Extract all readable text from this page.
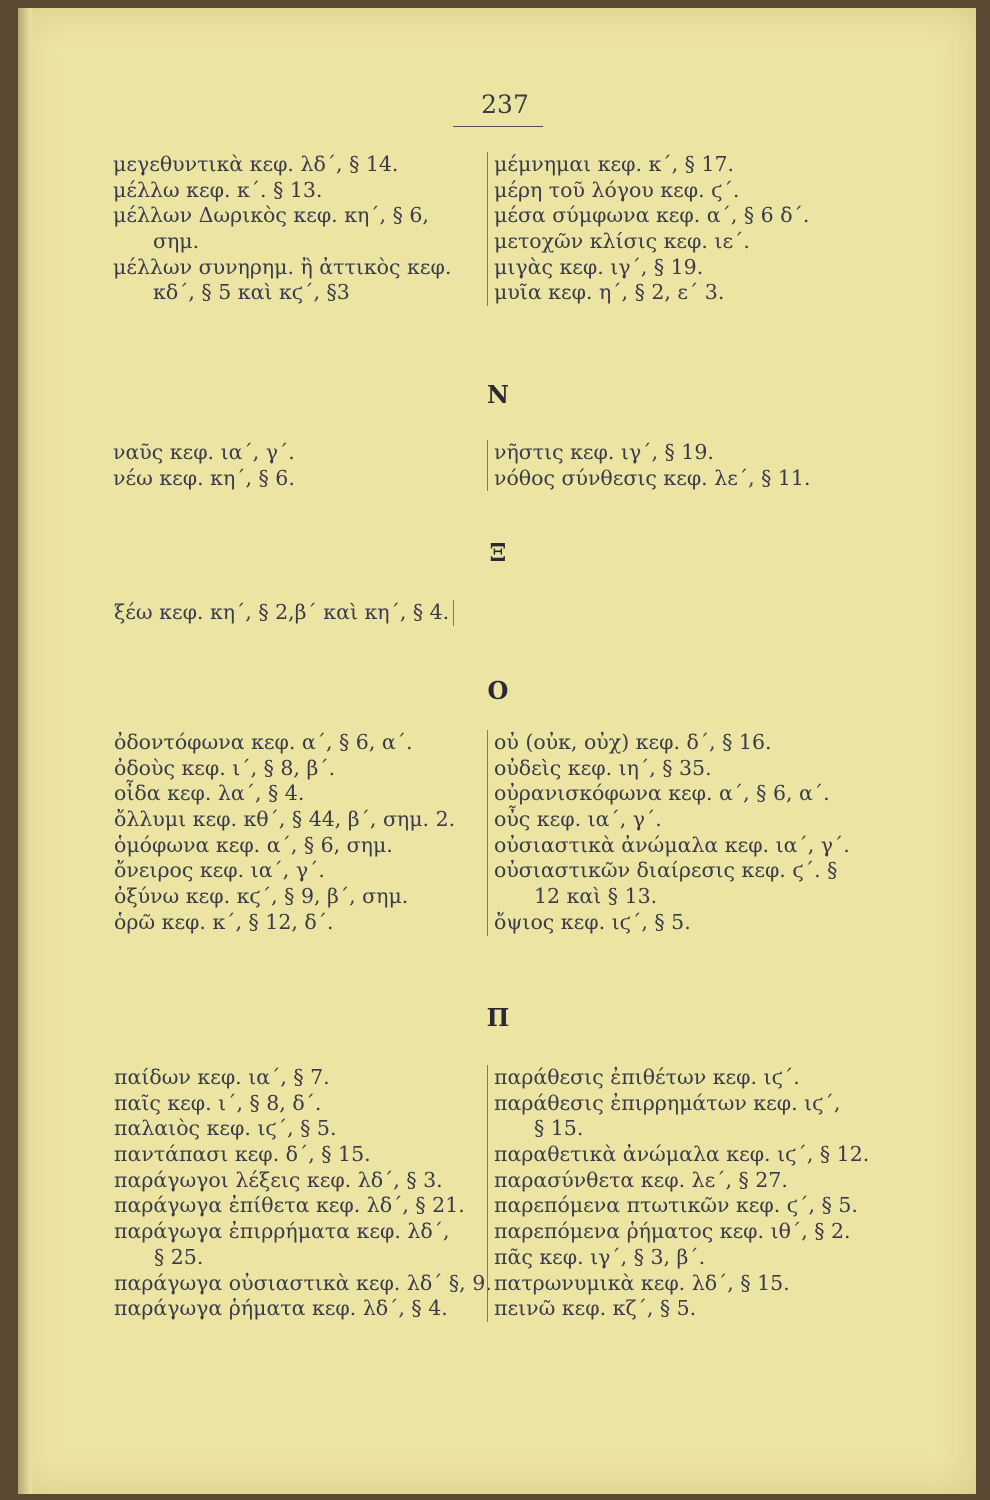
237
μεγεθυντικὰ κεφ. λδ΄, § 14.
μέλλω κεφ. κ΄. § 13.
μέλλων Δωρικὸς κεφ. κη΄, § 6,
σημ.
μέλλων συνηρημ. ἢ ἀττικὸς κεφ.
κδ΄, § 5 καὶ κϛ΄, §3
μέμνημαι κεφ. κ΄, § 17.
μέρη τοῦ λόγου κεφ. ϛ΄.
μέσα σύμφωνα κεφ. α΄, § 6 δ΄.
μετοχῶν κλίσις κεφ. ιε΄.
μιγὰς κεφ. ιγ΄, § 19.
μυῖα κεφ. η΄, § 2, ε΄ 3.
N
ναῦς κεφ. ια΄, γ΄.
νέω κεφ. κη΄, § 6.
νῆστις κεφ. ιγ΄, § 19.
νόθος σύνθεσις κεφ. λε΄, § 11.
Ξ
ξέω κεφ. κη΄, § 2,β΄ καὶ κη΄, § 4.
O
ὀδοντόφωνα κεφ. α΄, § 6, α΄.
ὀδοὺς κεφ. ι΄, § 8, β΄.
οἶδα κεφ. λα΄, § 4.
ὄλλυμι κεφ. κθ΄, § 44, β΄, σημ. 2.
ὁμόφωνα κεφ. α΄, § 6, σημ.
ὄνειρος κεφ. ια΄, γ΄.
ὀξύνω κεφ. κϛ΄, § 9, β΄, σημ.
ὁρῶ κεφ. κ΄, § 12, δ΄.
οὐ (οὐκ, οὐχ) κεφ. δ΄, § 16.
οὐδεὶς κεφ. ιη΄, § 35.
οὐρανισκόφωνα κεφ. α΄, § 6, α΄.
οὖς κεφ. ια΄, γ΄.
οὐσιαστικὰ ἀνώμαλα κεφ. ια΄, γ΄.
οὐσιαστικῶν διαίρεσις κεφ. ϛ΄. §
12 καὶ § 13.
ὄψιος κεφ. ιϛ΄, § 5.
Π
παίδων κεφ. ια΄, § 7.
παῖς κεφ. ι΄, § 8, δ΄.
παλαιὸς κεφ. ιϛ΄, § 5.
παντάπασι κεφ. δ΄, § 15.
παράγωγοι λέξεις κεφ. λδ΄, § 3.
παράγωγα ἐπίθετα κεφ. λδ΄, § 21.
παράγωγα ἐπιρρήματα κεφ. λδ΄,
§ 25.
παράγωγα οὐσιαστικὰ κεφ. λδ΄ §, 9.
παράγωγα ῥήματα κεφ. λδ΄, § 4.
παράθεσις ἐπιθέτων κεφ. ιϛ΄.
παράθεσις ἐπιρρημάτων κεφ. ιϛ΄,
§ 15.
παραθετικὰ ἀνώμαλα κεφ. ιϛ΄, § 12.
παρασύνθετα κεφ. λε΄, § 27.
παρεπόμενα πτωτικῶν κεφ. ϛ΄, § 5.
παρεπόμενα ῥήματος κεφ. ιθ΄, § 2.
πᾶς κεφ. ιγ΄, § 3, β΄.
πατρωνυμικὰ κεφ. λδ΄, § 15.
πεινῶ κεφ. κζ΄, § 5.
